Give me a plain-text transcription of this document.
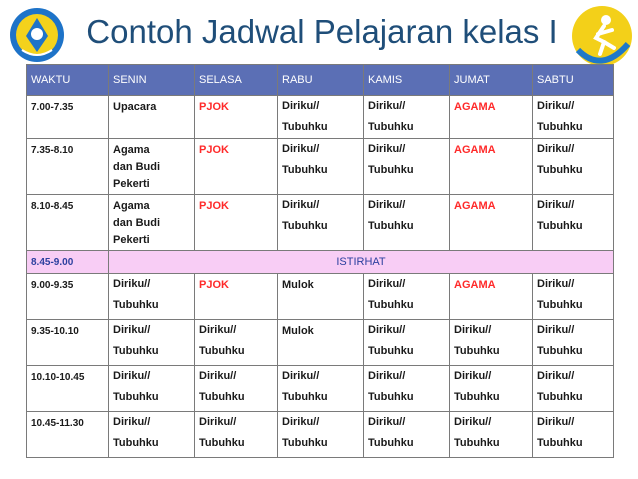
Contoh Jadwal Pelajaran kelas I
WAKTU	SENIN	SELASA	RABU	KAMIS	JUMAT	SABTU
7.00-7.35	Upacara	PJOK	Diriku//
Tubuhku	Diriku//
Tubuhku	AGAMA	Diriku//
Tubuhku

7.35-8.10	Agama
dan Budi
Pekerti	PJOK	Diriku//
Tubuhku	Diriku//
Tubuhku	AGAMA	Diriku//
Tubuhku

8.10-8.45	Agama
dan Budi
Pekerti	PJOK	Diriku//
Tubuhku	Diriku//
Tubuhku	AGAMA	Diriku//
Tubuhku

8.45-9.00	ISTIRHAT					
9.00-9.35	Diriku//
Tubuhku	PJOK	Mulok	Diriku//
Tubuhku	AGAMA	Diriku//
Tubuhku

9.35-10.10	Diriku//
Tubuhku	Diriku//
Tubuhku	Mulok	Diriku//
Tubuhku	Diriku//
Tubuhku	Diriku//
Tubuhku

10.10-10.45	Diriku//
Tubuhku	Diriku//
Tubuhku	Diriku//
Tubuhku	Diriku//
Tubuhku	Diriku//
Tubuhku	Diriku//
Tubuhku

10.45-11.30	Diriku//
Tubuhku	Diriku//
Tubuhku	Diriku//
Tubuhku	Diriku//
Tubuhku	Diriku//
Tubuhku	Diriku//
Tubuhku
